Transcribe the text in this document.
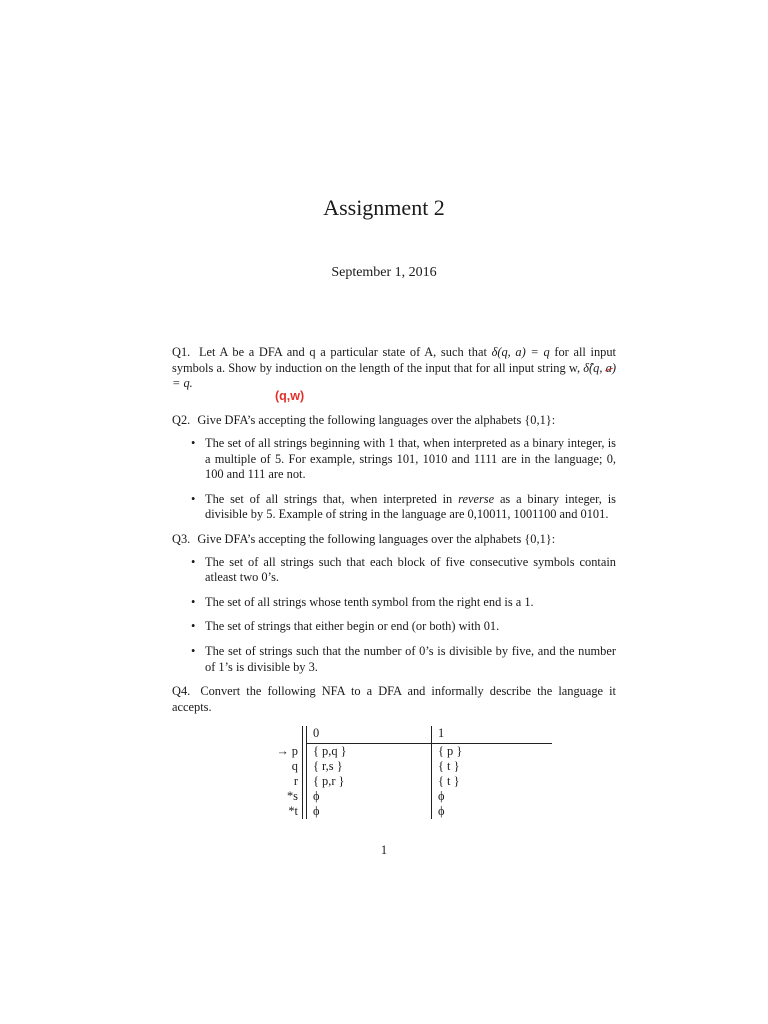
Assignment 2
September 1, 2016
Q1. Let A be a DFA and q a particular state of A, such that δ(q, a) = q for all input symbols a. Show by induction on the length of the input that for all input string w, δ̂(q, a) = q.
(q,w)
Q2. Give DFA’s accepting the following languages over the alphabets {0,1}:
• The set of all strings beginning with 1 that, when interpreted as a binary integer, is a multiple of 5. For example, strings 101, 1010 and 1111 are in the language; 0, 100 and 111 are not.
• The set of all strings that, when interpreted in reverse as a binary integer, is divisible by 5. Example of string in the language are 0,10011, 1001100 and 0101.
Q3. Give DFA’s accepting the following languages over the alphabets {0,1}:
• The set of all strings such that each block of five consecutive symbols contain atleast two 0’s.
• The set of all strings whose tenth symbol from the right end is a 1.
• The set of strings that either begin or end (or both) with 01.
• The set of strings such that the number of 0’s is divisible by five, and the number of 1’s is divisible by 3.
Q4. Convert the following NFA to a DFA and informally describe the language it accepts.
		0		1
→ p		{ p,q }		{ p }
q		{ r,s }		{ t }
r		{ p,r }		{ t }
*s		ϕ		ϕ
*t		ϕ		ϕ
1
